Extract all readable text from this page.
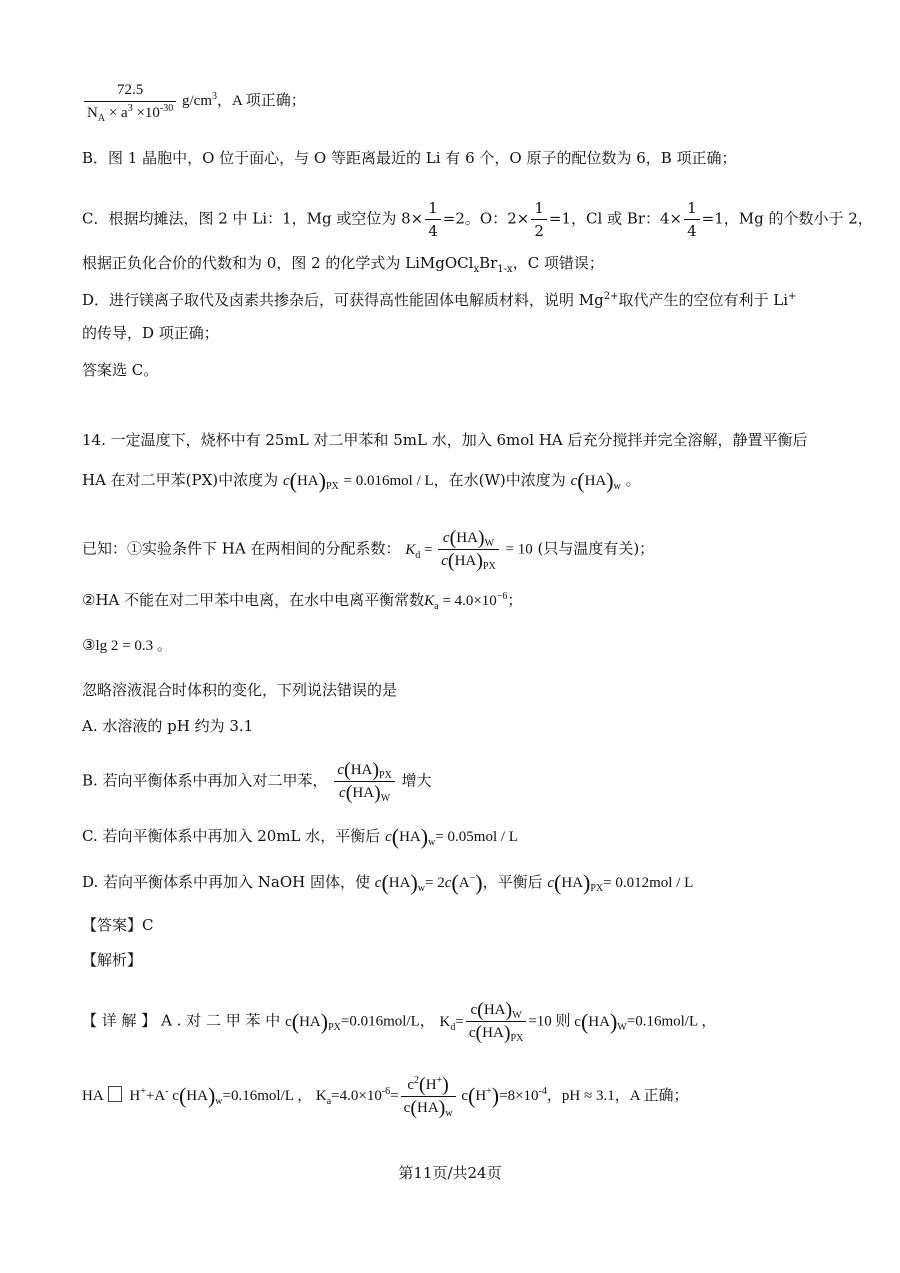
$\frac{72.5}{N_A \times a^3 \times 10^{-30}} g/cm^3$，A 项正确；
B．图 1 晶胞中，O 位于面心，与 O 等距离最近的 Li 有 6 个，O 原子的配位数为 6，B 项正确；
C．根据均摊法，图 2 中 Li：1，Mg 或空位为 $8\times \frac{1}{4} =2$。O：$2\times \frac{1}{2} =1$，Cl 或 Br：$4\times \frac{1}{4} =1$，Mg 的个数小于 2，
根据正负化合价的代数和为 0，图 2 的化学式为 $LiMgOCl_xBr_{1-x}$，C 项错误；
D．进行镁离子取代及卤素共掺杂后，可获得高性能固体电解质材料，说明 $Mg^{2+}$取代产生的空位有利于 Li+
的传导，D 项正确；
答案选 C。
14. 一定温度下，烧杯中有 25mL 对二甲苯和 5mL 水，加入 6mol HA 后充分搅拌并完全溶解，静置平衡后
HA 在对二甲苯(PX)中浓度为 $c(HA)_{PX} = 0.016mol / L$，在水(W)中浓度为 $c(HA)_w$ 。
已知：①实验条件下 HA 在两相间的分配系数： $K_d = \frac{c(HA)_W}{c(HA)_{PX}} = 10$ (只与温度有关)；
②HA 不能在对二甲苯中电离，在水中电离平衡常数$K_a = 4.0\times 10^{-6}$；
③lg 2 = 0.3 。
忽略溶液混合时体积的变化，下列说法错误的是
A. 水溶液的 pH 约为 3.1
B. 若向平衡体系中再加入对二甲苯， $\frac{c(HA)_{PX}}{c(HA)_W}$ 增大
C. 若向平衡体系中再加入 20mL 水，平衡后 $c(HA)_w= 0.05mol / L$
D. 若向平衡体系中再加入 NaOH 固体，使 $c(HA)_w= 2c(A^-)$，平衡后 $c(HA)_{PX}= 0.012mol / L$
【答案】C
【解析】
【 详 解 】 A . 对 二 甲 苯 中 $c(HA)_{PX}=0.016mol/L$， $K_d= \frac{c(HA)_W}{c(HA)_{PX}} =10$ 则 $c(HA)_W=0.16mol/L$ ，
HA H++A- $c(HA)_w=0.16mol/L$ ， $K_a=4.0\times 10^{-6}= \frac{c^2(H^+)}{c(HA)_w} c(H^+)=8\times 10^{-4}$，pH ≈ 3.1，A 正确；
第11页/共24页
